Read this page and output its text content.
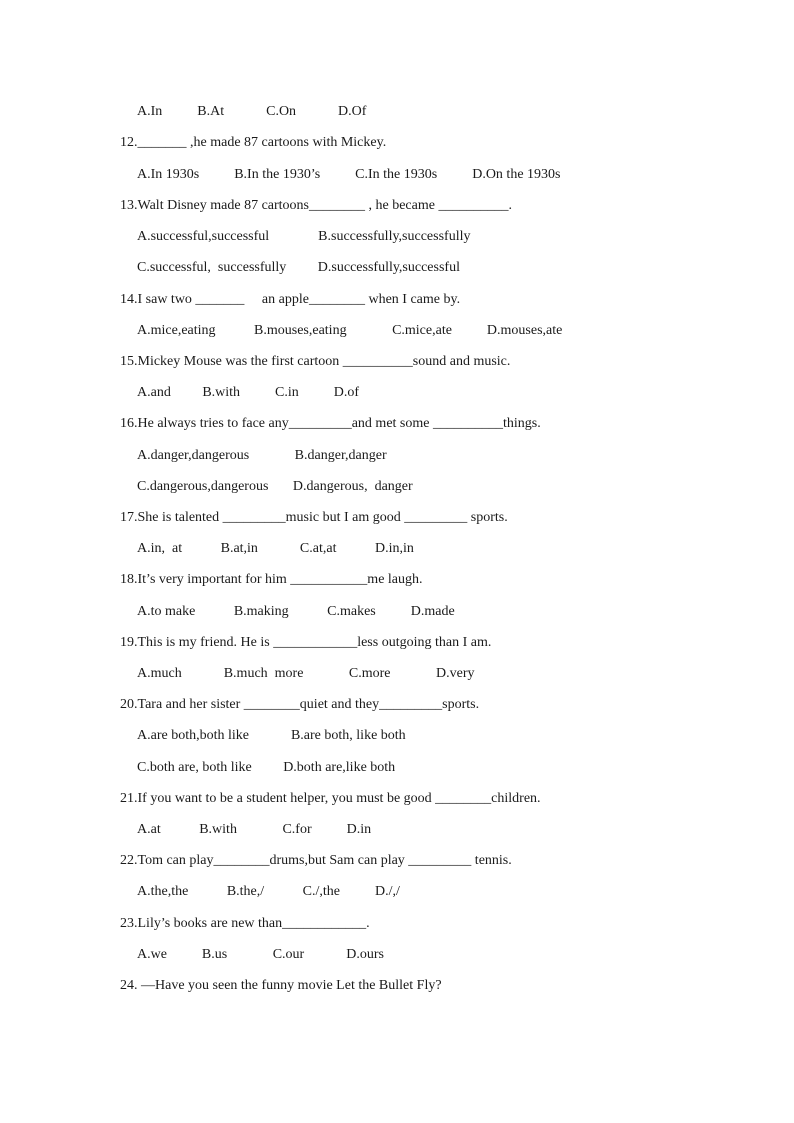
A.In          B.At            C.On            D.Of
12._______ ,he made 87 cartoons with Mickey.
A.In 1930s          B.In the 1930’s          C.In the 1930s          D.On the 1930s
13.Walt Disney made 87 cartoons________ , he became __________.
A.successful,successful              B.successfully,successfully
C.successful,  successfully         D.successfully,successful
14.I saw two _______     an apple________ when I came by.
A.mice,eating           B.mouses,eating             C.mice,ate          D.mouses,ate
15.Mickey Mouse was the first cartoon __________sound and music.
A.and         B.with          C.in          D.of
16.He always tries to face any_________and met some __________things.
A.danger,dangerous             B.danger,danger
C.dangerous,dangerous       D.dangerous,  danger
17.She is talented _________music but I am good _________ sports.
A.in,  at           B.at,in            C.at,at           D.in,in
18.It’s very important for him ___________me laugh.
A.to make           B.making           C.makes          D.made
19.This is my friend. He is ____________less outgoing than I am.
A.much            B.much  more             C.more             D.very
20.Tara and her sister ________quiet and they_________sports.
A.are both,both like            B.are both, like both
C.both are, both like         D.both are,like both
21.If you want to be a student helper, you must be good ________children.
A.at           B.with             C.for          D.in
22.Tom can play________drums,but Sam can play _________ tennis.
A.the,the           B.the,/           C./,the          D./,/
23.Lily’s books are new than____________.
A.we          B.us             C.our            D.ours
24. —Have you seen the funny movie Let the Bullet Fly?
